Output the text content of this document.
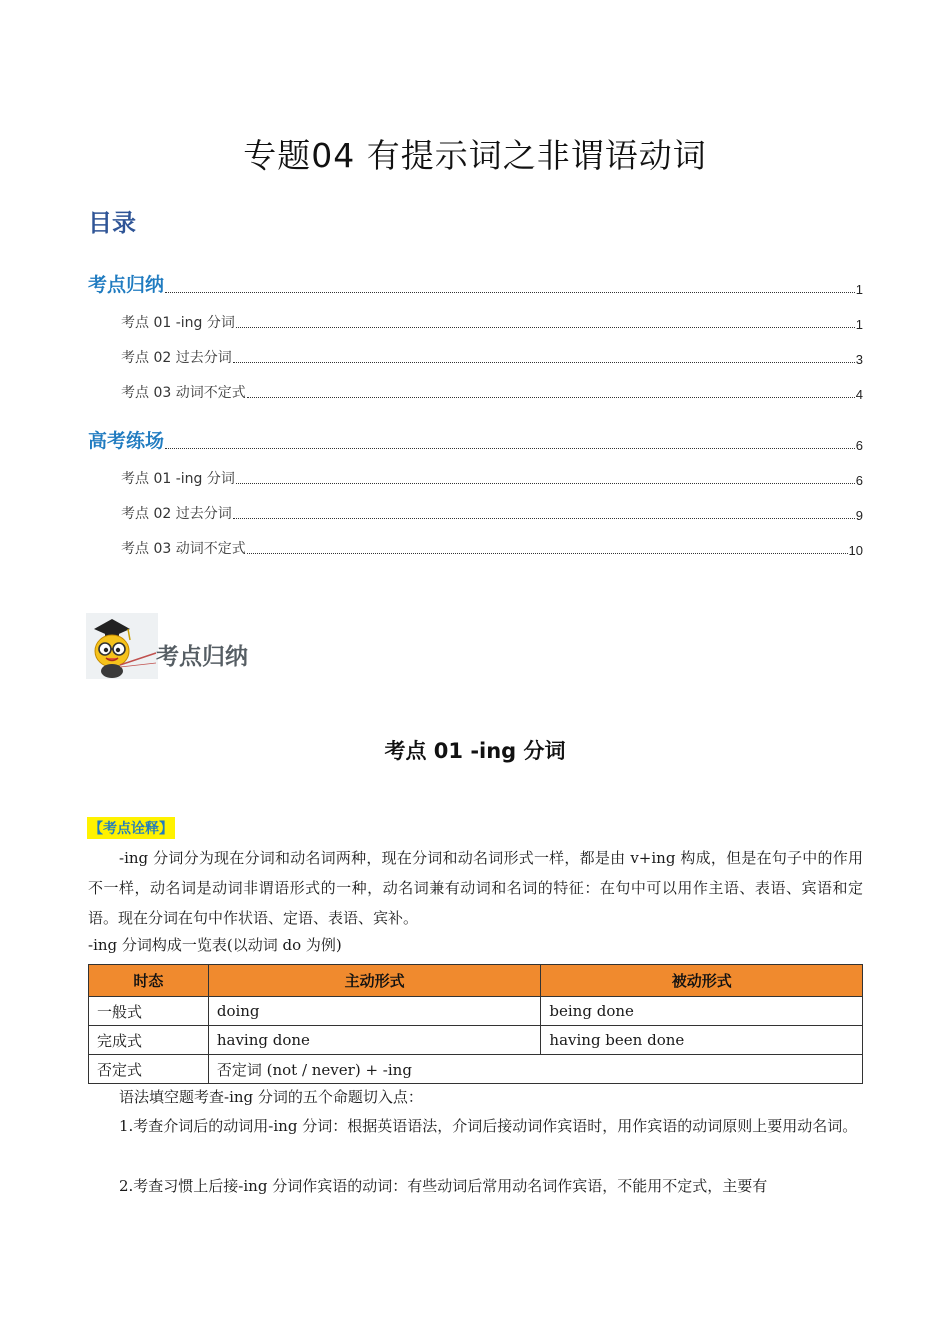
专题04 有提示词之非谓语动词
目录
考点归纳	1
考点 01 -ing 分词	1
考点 02 过去分词	3
考点 03 动词不定式	4
高考练场	6
考点 01 -ing 分词	6
考点 02 过去分词	9
考点 03 动词不定式	10
考点归纳
考点 01 -ing 分词
【考点诠释】
-ing 分词分为现在分词和动名词两种，现在分词和动名词形式一样，都是由 v+ing 构成，但是在句子中的作用不一样，动名词是动词非谓语形式的一种，动名词兼有动词和名词的特征：在句中可以用作主语、表语、宾语和定语。现在分词在句中作状语、定语、表语、宾补。
-ing 分词构成一览表(以动词 do 为例)
时态	主动形式	被动形式
一般式	doing	being done
完成式	having done	having been done
否定式	否定词 (not / never) + -ing	
语法填空题考查-ing 分词的五个命题切入点：
1.考查介词后的动词用-ing 分词：根据英语语法，介词后接动词作宾语时，用作宾语的动词原则上要用动名词。
2.考查习惯上后接-ing 分词作宾语的动词：有些动词后常用动名词作宾语，不能用不定式，主要有
